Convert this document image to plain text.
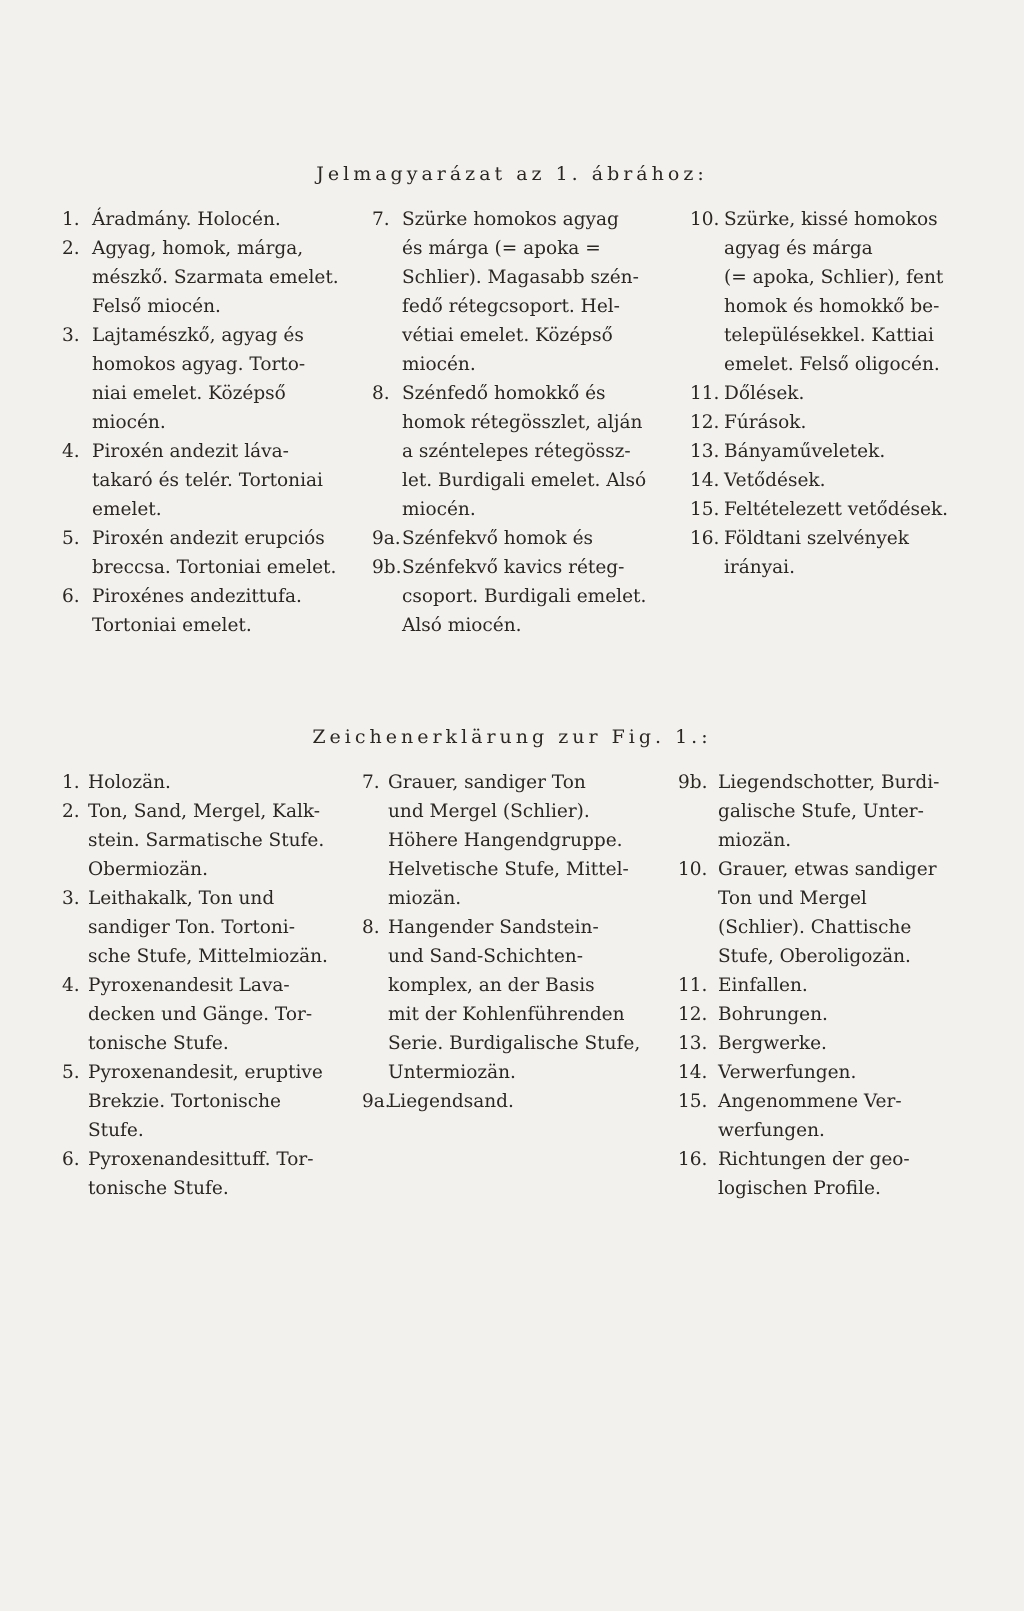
Jelmagyarázat az 1. ábrához:
1. Áradmány. Holocén.
2. Agyag, homok, márga,
mészkő. Szarmata emelet.
Felső miocén.
3. Lajtamészkő, agyag és
homokos agyag. Torto-
niai emelet. Középső
miocén.
4. Piroxén andezit láva-
takaró és telér. Tortoniai
emelet.
5. Piroxén andezit erupciós
breccsa. Tortoniai emelet.
6. Piroxénes andezittufa.
Tortoniai emelet.
7. Szürke homokos agyag
és márga (= apoka =
Schlier). Magasabb szén-
fedő rétegcsoport. Hel-
vétiai emelet. Középső
miocén.
8. Szénfedő homokkő és
homok rétegösszlet, alján
a széntelepes rétegössz-
let. Burdigali emelet. Alsó
miocén.
9a. Szénfekvő homok és
9b. Szénfekvő kavics réteg-
csoport. Burdigali emelet.
Alsó miocén.
10. Szürke, kissé homokos
agyag és márga
(= apoka, Schlier), fent
homok és homokkő be-
településekkel. Kattiai
emelet. Felső oligocén.
11. Dőlések.
12. Fúrások.
13. Bányaműveletek.
14. Vetődések.
15. Feltételezett vetődések.
16. Földtani szelvények
irányai.
Zeichenerklärung zur Fig. 1.:
1. Holozän.
2. Ton, Sand, Mergel, Kalk-
stein. Sarmatische Stufe.
Obermiozän.
3. Leithakalk, Ton und
sandiger Ton. Tortoni-
sche Stufe, Mittelmiozän.
4. Pyroxenandesit Lava-
decken und Gänge. Tor-
tonische Stufe.
5. Pyroxenandesit, eruptive
Brekzie. Tortonische
Stufe.
6. Pyroxenandesittuff. Tor-
tonische Stufe.
7. Grauer, sandiger Ton
und Mergel (Schlier).
Höhere Hangendgruppe.
Helvetische Stufe, Mittel-
miozän.
8. Hangender Sandstein-
und Sand-Schichten-
komplex, an der Basis
mit der Kohlenführenden
Serie. Burdigalische Stufe,
Untermiozän.
9a.
Liegendsand.
9b. Liegendschotter, Burdi-
galische Stufe, Unter-
miozän.
10. Grauer, etwas sandiger
Ton und Mergel
(Schlier). Chattische
Stufe, Oberoligozän.
11. Einfallen.
12. Bohrungen.
13. Bergwerke.
14. Verwerfungen.
15. Angenommene Ver-
werfungen.
16. Richtungen der geo-
logischen Profile.
